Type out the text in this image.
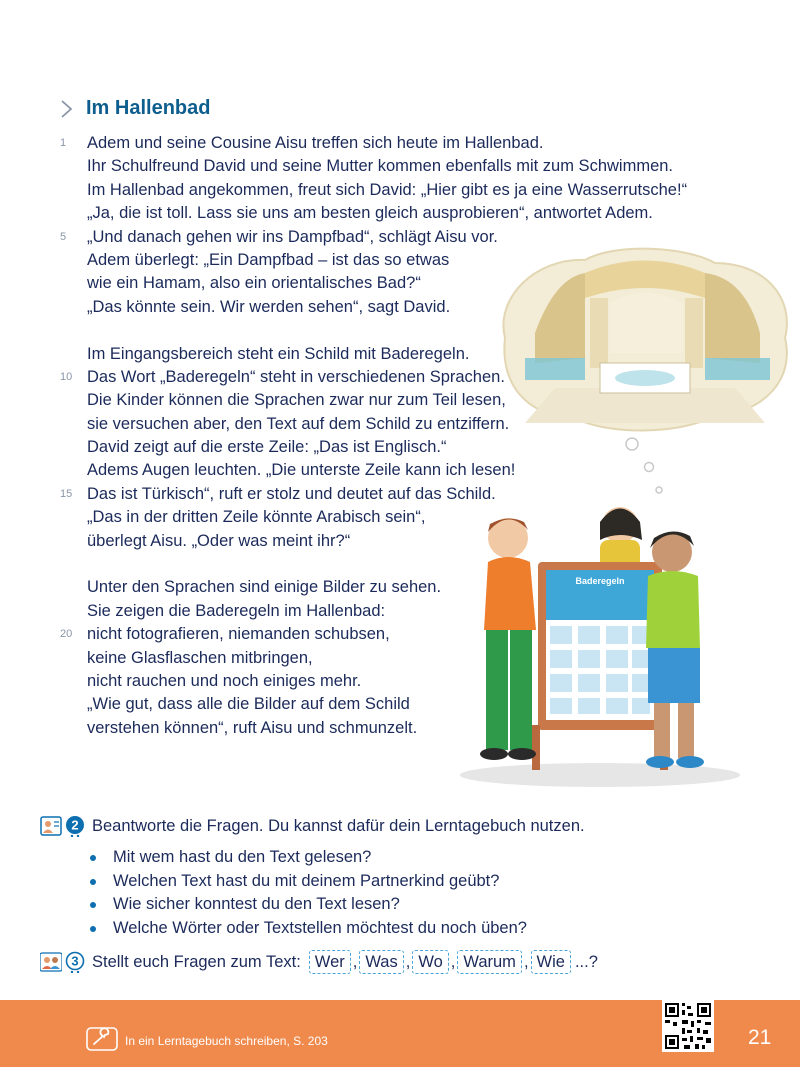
Im Hallenbad
1	Adem und seine Cousine Aisu treffen sich heute im Hallenbad.
Ihr Schulfreund David und seine Mutter kommen ebenfalls mit zum Schwimmen.
Im Hallenbad angekommen, freut sich David: „Hier gibt es ja eine Wasserrutsche!“
„Ja, die ist toll. Lass sie uns am besten gleich ausprobieren“, antwortet Adem.
5	„Und danach gehen wir ins Dampfbad“, schlägt Aisu vor.
Adem überlegt: „Ein Dampfbad – ist das so etwas
wie ein Hamam, also ein orientalisches Bad?“
„Das könnte sein. Wir werden sehen“, sagt David.
Im Eingangsbereich steht ein Schild mit Baderegeln.
10 Das Wort „Baderegeln“ steht in verschiedenen Sprachen.
Die Kinder können die Sprachen zwar nur zum Teil lesen,
sie versuchen aber, den Text auf dem Schild zu entziffern.
David zeigt auf die erste Zeile: „Das ist Englisch.“
Adems Augen leuchten. „Die unterste Zeile kann ich lesen!
15 Das ist Türkisch“, ruft er stolz und deutet auf das Schild.
„Das in der dritten Zeile könnte Arabisch sein“,
überlegt Aisu. „Oder was meint ihr?“
Unter den Sprachen sind einige Bilder zu sehen.
Sie zeigen die Baderegeln im Hallenbad:
20 nicht fotografieren, niemanden schubsen,
keine Glasflaschen mitbringen,
nicht rauchen und noch einiges mehr.
„Wie gut, dass alle die Bilder auf dem Schild
verstehen können“, ruft Aisu und schmunzelt.
Baderegeln
2 Beantworte die Fragen. Du kannst dafür dein Lerntagebuch nutzen.
Mit wem hast du den Text gelesen?
Welchen Text hast du mit deinem Partnerkind geübt?
Wie sicher konntest du den Text lesen?
Welche Wörter oder Textstellen möchtest du noch üben?
3 Stellt euch Fragen zum Text: Wer , Was , Wo , Warum , Wie ...?
In ein Lerntagebuch schreiben, S. 203	21
